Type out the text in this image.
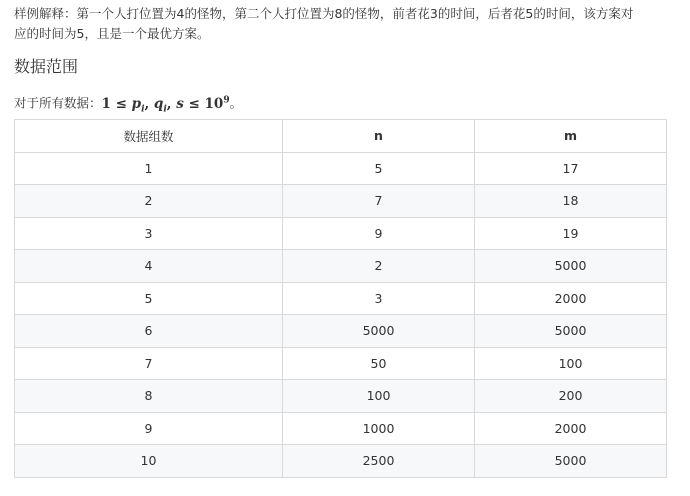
样例解释：第一个人打位置为4的怪物，第二个人打位置为8的怪物，前者花3的时间，后者花5的时间，该方案对
应的时间为5，且是一个最优方案。
数据范围
对于所有数据：$1 \le p_i$, $q_i$, $s \le 10^9$。
数据组数	n	m
1	5	17
2	7	18
3	9	19
4	2	5000
5	3	2000
6	5000	5000
7	50	100
8	100	200
9	1000	2000
10	2500	5000
